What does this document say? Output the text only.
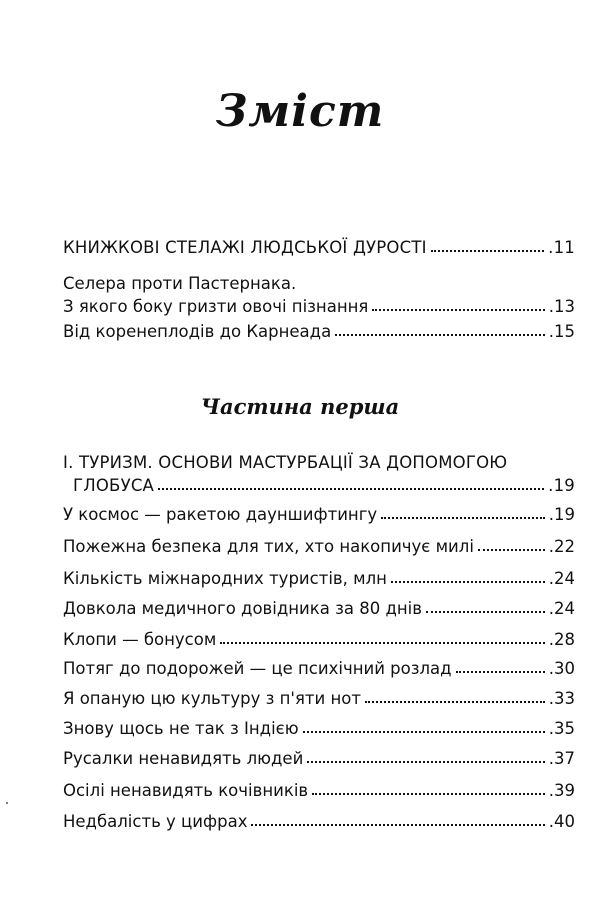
Зміст
КНИЖКОВІ СТЕЛАЖІ ЛЮДСЬКОЇ ДУРОСТІ	.11
Селера проти Пастернака.
З якого боку гризти овочі пізнання	.13
Від коренеплодів до Карнеада	.15
Частина перша
І. ТУРИЗМ. ОСНОВИ МАСТУРБАЦІЇ ЗА ДОПОМОГОЮ
ГЛОБУСА	.19
У космос — ракетою дауншифтингу	.19
Пожежна безпека для тих, хто накопичує милі	.22
Кількість міжнародних туристів, млн	.24
Довкола медичного довідника за 80 днів	.24
Клопи — бонусом	.28
Потяг до подорожей — це психічний розлад	.30
Я опаную цю культуру з п'яти нот	.33
Знову щось не так з Індією	.35
Русалки ненавидять людей	.37
Осілі ненавидять кочівників	.39
Недбалість у цифрах	.40
